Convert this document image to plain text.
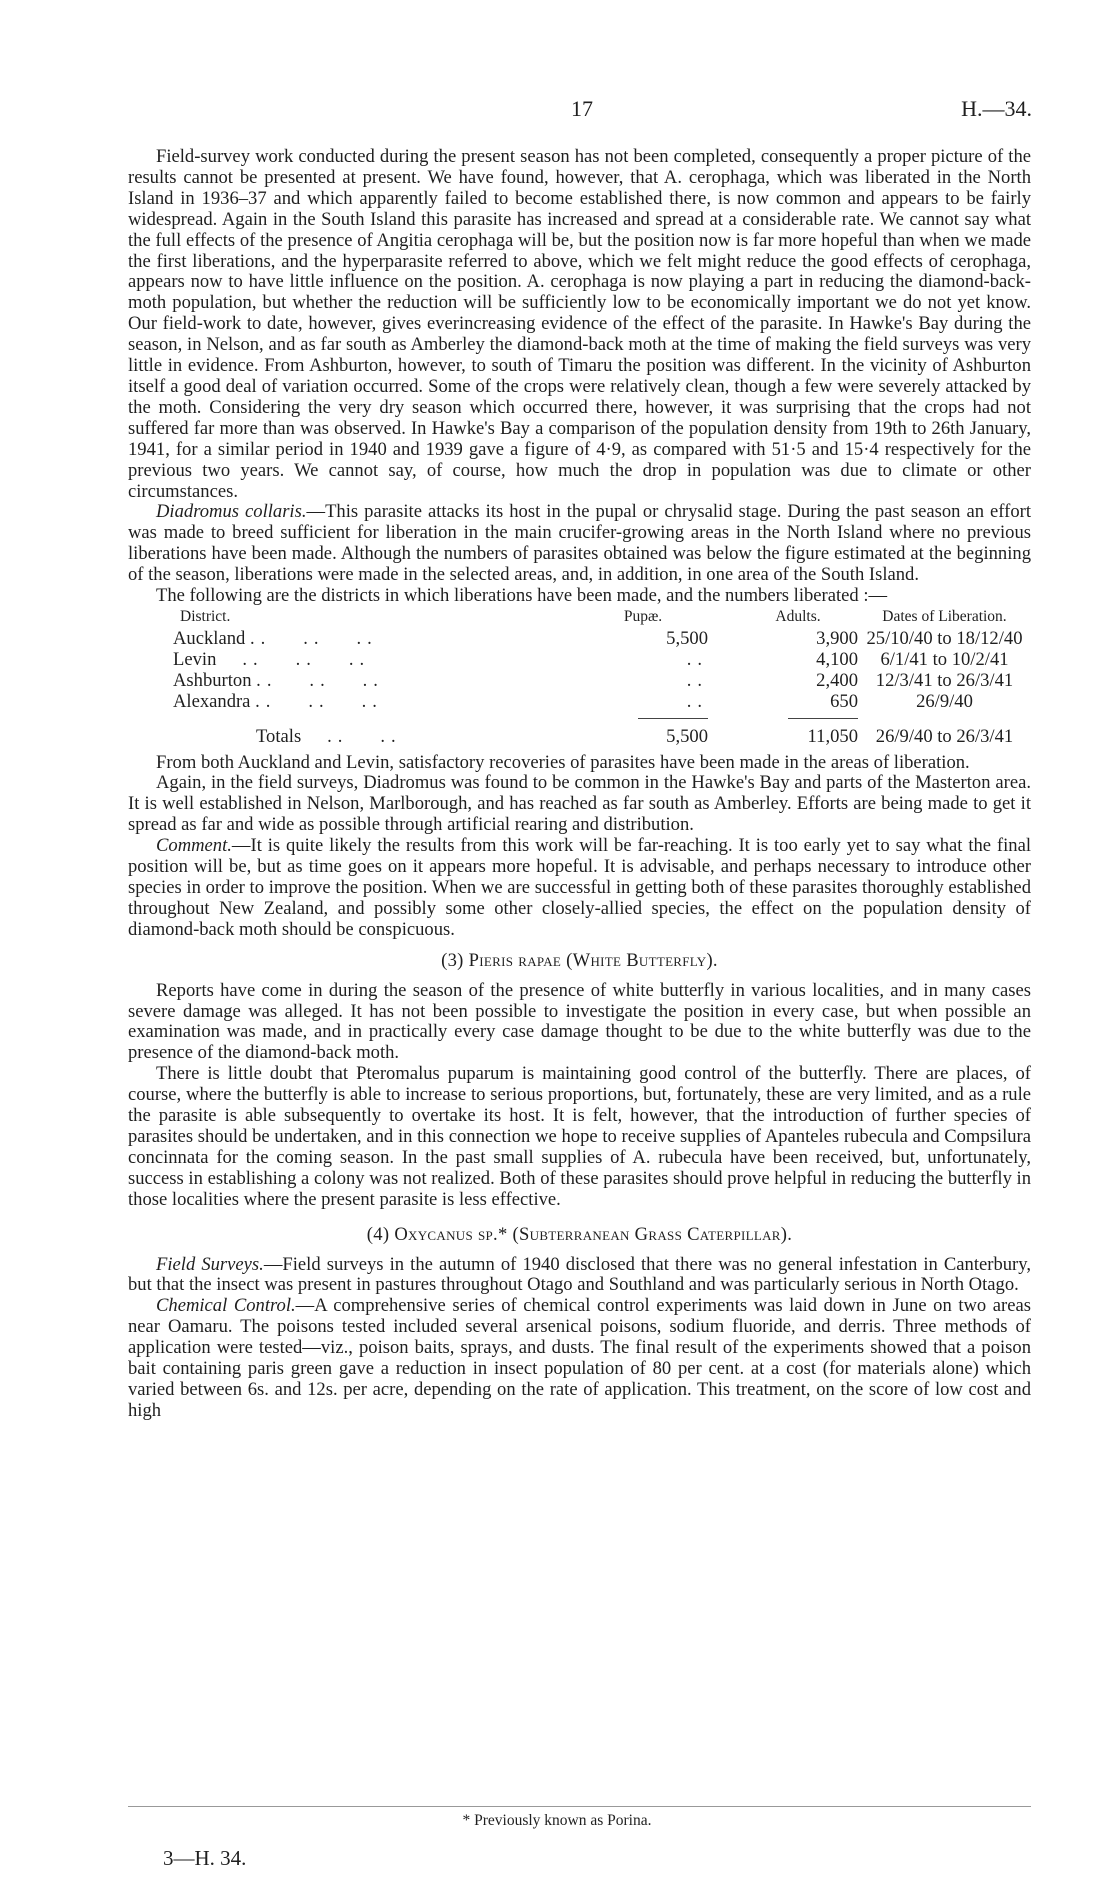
17	H.—34.

Field-survey work conducted during the present season has not been completed, consequently a proper picture of the results cannot be presented at present. We have found, however, that A. cerophaga, which was liberated in the North Island in 1936–37 and which apparently failed to become established there, is now common and appears to be fairly widespread. Again in the South Island this parasite has increased and spread at a considerable rate. We cannot say what the full effects of the presence of Angitia cerophaga will be, but the position now is far more hopeful than when we made the first liberations, and the hyperparasite referred to above, which we felt might reduce the good effects of cerophaga, appears now to have little influence on the position. A. cerophaga is now playing a part in reducing the diamond-back-moth population, but whether the reduction will be sufficiently low to be economically important we do not yet know. Our field-work to date, however, gives everincreasing evidence of the effect of the parasite. In Hawke's Bay during the season, in Nelson, and as far south as Amberley the diamond-back moth at the time of making the field surveys was very little in evidence. From Ashburton, however, to south of Timaru the position was different. In the vicinity of Ashburton itself a good deal of variation occurred. Some of the crops were relatively clean, though a few were severely attacked by the moth. Considering the very dry season which occurred there, however, it was surprising that the crops had not suffered far more than was observed. In Hawke's Bay a comparison of the population density from 19th to 26th January, 1941, for a similar period in 1940 and 1939 gave a figure of 4·9, as compared with 51·5 and 15·4 respectively for the previous two years. We cannot say, of course, how much the drop in population was due to climate or other circumstances.

Diadromus collaris.—This parasite attacks its host in the pupal or chrysalid stage. During the past season an effort was made to breed sufficient for liberation in the main crucifer-growing areas in the North Island where no previous liberations have been made. Although the numbers of parasites obtained was below the figure estimated at the beginning of the season, liberations were made in the selected areas, and, in addition, in one area of the South Island.

The following are the districts in which liberations have been made, and the numbers liberated :—

District.	Pupæ.	Adults.	Dates of Liberation.
Auckland ..   ..   ..	5,500	3,900	25/10/40 to 18/12/40
Levin   ..   ..   ..	..	4,100	6/1/41 to 10/2/41
Ashburton ..   ..   ..	..	2,400	12/3/41 to 26/3/41
Alexandra ..   ..   ..	..	650	26/9/40

Totals   ..   ..	5,500	11,050	26/9/40 to 26/3/41

From both Auckland and Levin, satisfactory recoveries of parasites have been made in the areas of liberation.

Again, in the field surveys, Diadromus was found to be common in the Hawke's Bay and parts of the Masterton area. It is well established in Nelson, Marlborough, and has reached as far south as Amberley. Efforts are being made to get it spread as far and wide as possible through artificial rearing and distribution.

Comment.—It is quite likely the results from this work will be far-reaching. It is too early yet to say what the final position will be, but as time goes on it appears more hopeful. It is advisable, and perhaps necessary to introduce other species in order to improve the position. When we are successful in getting both of these parasites thoroughly established throughout New Zealand, and possibly some other closely-allied species, the effect on the population density of diamond-back moth should be conspicuous.

(3) Pieris rapae (White Butterfly).

Reports have come in during the season of the presence of white butterfly in various localities, and in many cases severe damage was alleged. It has not been possible to investigate the position in every case, but when possible an examination was made, and in practically every case damage thought to be due to the white butterfly was due to the presence of the diamond-back moth.

There is little doubt that Pteromalus puparum is maintaining good control of the butterfly. There are places, of course, where the butterfly is able to increase to serious proportions, but, fortunately, these are very limited, and as a rule the parasite is able subsequently to overtake its host. It is felt, however, that the introduction of further species of parasites should be undertaken, and in this connection we hope to receive supplies of Apanteles rubecula and Compsilura concinnata for the coming season. In the past small supplies of A. rubecula have been received, but, unfortunately, success in establishing a colony was not realized. Both of these parasites should prove helpful in reducing the butterfly in those localities where the present parasite is less effective.

(4) Oxycanus sp.* (Subterranean Grass Caterpillar).

Field Surveys.—Field surveys in the autumn of 1940 disclosed that there was no general infestation in Canterbury, but that the insect was present in pastures throughout Otago and Southland and was particularly serious in North Otago.

Chemical Control.—A comprehensive series of chemical control experiments was laid down in June on two areas near Oamaru. The poisons tested included several arsenical poisons, sodium fluoride, and derris. Three methods of application were tested—viz., poison baits, sprays, and dusts. The final result of the experiments showed that a poison bait containing paris green gave a reduction in insect population of 80 per cent. at a cost (for materials alone) which varied between 6s. and 12s. per acre, depending on the rate of application. This treatment, on the score of low cost and high

* Previously known as Porina.
3—H. 34.
